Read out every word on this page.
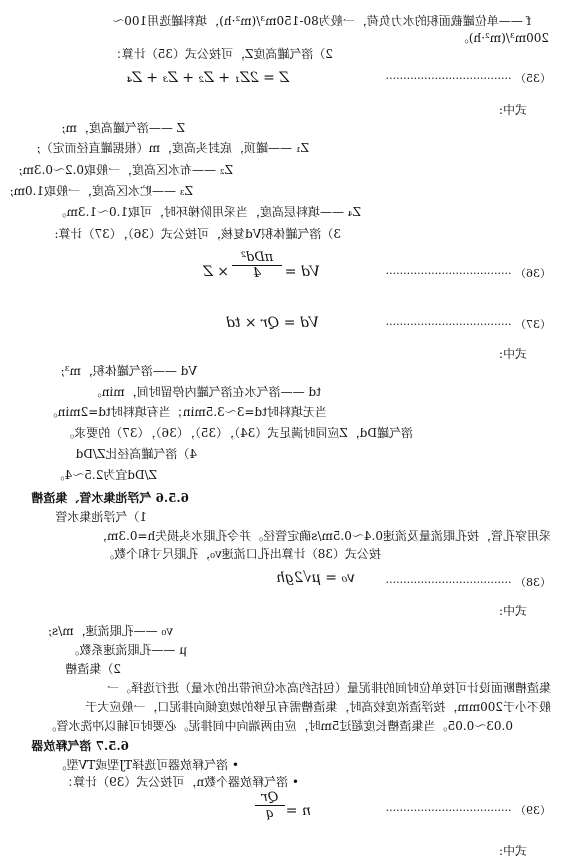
f ——单位罐截面积的水力负荷，一般为80-150m³/(m²·h)，填料罐选用100～
200m³/(m²·h)。
2）溶气罐高度Z，可按公式（35）计算：
Z = 2Z₁ + Z₂ + Z₃ + Z₄	（35） ····································
式中:
Z ——溶气罐高度，m;
Z₁ ——罐顶，底封头高度，m（根据罐直径而定）;
Z₂ ——布水区高度，一般取0.2～0.3m;
Z₃ ——贮水区高度，一般取1.0m;
Z₄ ——填料层高度，当采用阶梯环时，可取1.0～1.3m。
3）溶气罐体积Vd复核，可按公式（36），（37）计算:
（36） ····································
Vd =
πDd²
4
× Z
（37） ····································
Vd = Qr × td
式中:
Vd ——溶气罐体积，m³;
td ——溶气水在溶气罐内停留时间，min。
当无填料时td=3～3.5min；当有填料时td=2min。
溶气罐Dd，Z应同时满足式（34），（35），（36），（37）的要求。
4）溶气罐高径比Z/Dd
Z/Dd宜为2.5～4。
6.5.6 气浮池集水管、集渣槽
1）气浮池集水管
采用穿孔管，按孔眼流量及流速0.4～0.5m/s确定管径。并令孔眼水头损失h=0.3m，
按公式（38）计算出孔口流速v₀，孔眼尺寸和个数。
v₀ = μ√2gh	（38） ····································
式中:
v₀ ——孔眼流速，m/s;
μ ——孔眼流速系数。
2）集渣槽
集渣槽断面设计可按单位时间的排泥量（包括约高水位所带出的水量）进行选择。一
般不小于200mm，按浮渣浓度较高时，集渣槽需有足够的坡度倾向排泥口，一般应大于
0.03～0.05。当集渣槽长度超过5m时，应由两端向中间排泥。必要时可辅以冲洗水管。
6.5.7 溶气释放器
• 溶气释放器可选择TJ型或TV型。
• 溶气释放器个数n，可按公式（39）计算：
（39） ····································
n =
Qr
q
式中:
